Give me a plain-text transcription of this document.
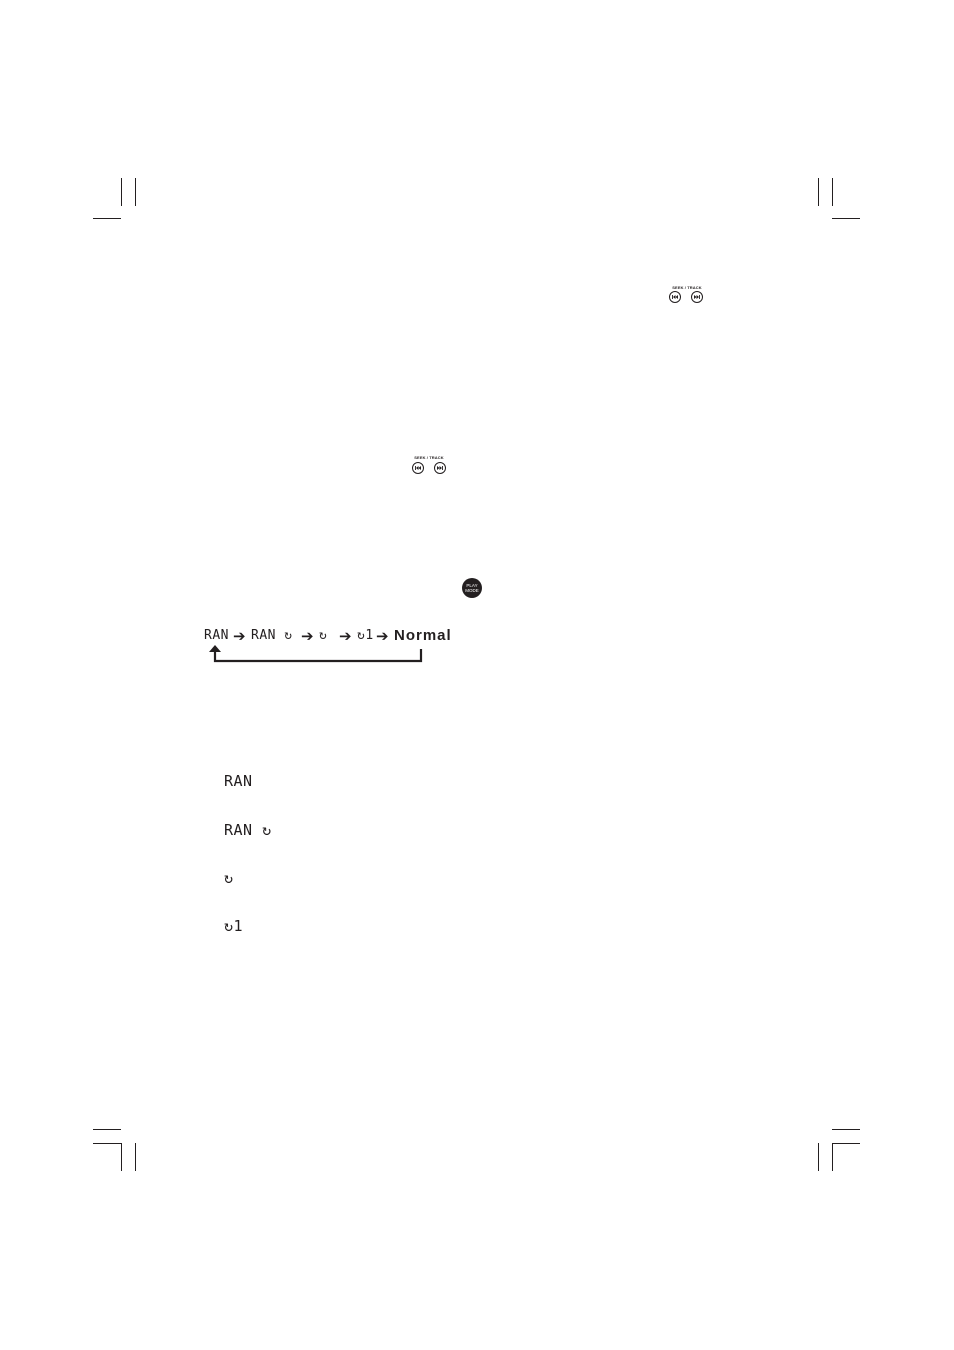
SEEK / TRACK
SEEK / TRACK
PLAY
MODE
RAN ➔ RAN ↻ ➔ ↻ ➔ ↻1 ➔ Normal
RAN
RAN ↻
↻
↻1
